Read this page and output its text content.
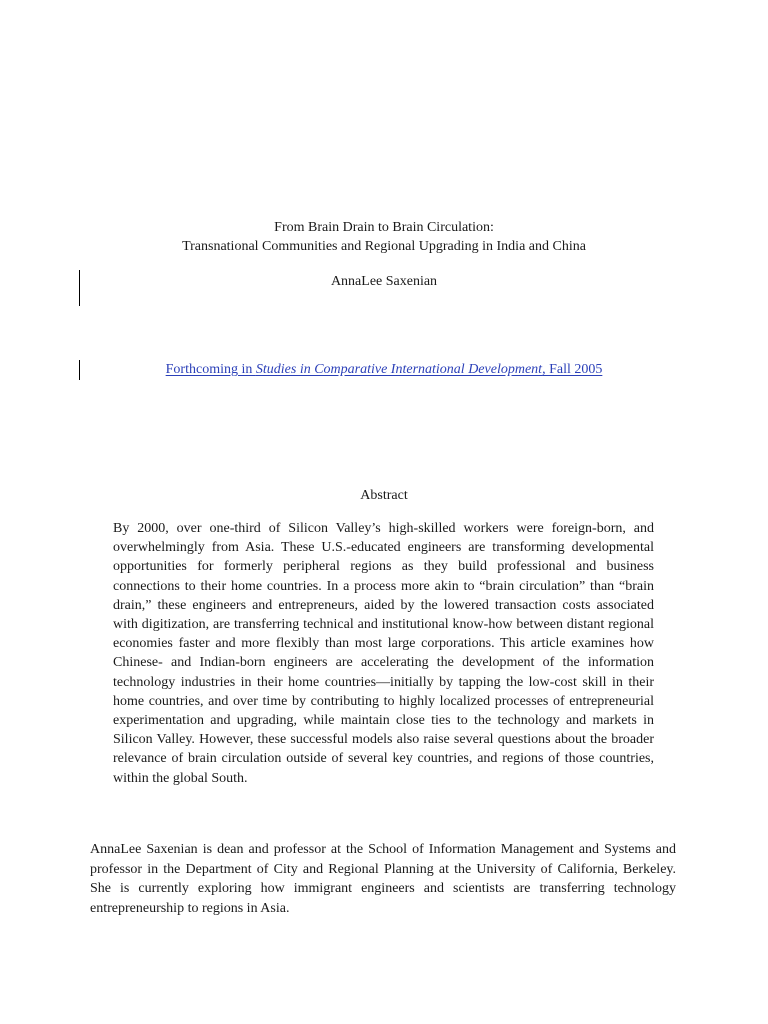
From Brain Drain to Brain Circulation:
Transnational Communities and Regional Upgrading in India and China
AnnaLee Saxenian
Forthcoming in Studies in Comparative International Development, Fall 2005
Abstract

By 2000, over one-third of Silicon Valley’s high-skilled workers were foreign-born, and overwhelmingly from Asia. These U.S.-educated engineers are transforming developmental opportunities for formerly peripheral regions as they build professional and business connections to their home countries. In a process more akin to “brain circulation” than “brain drain,” these engineers and entrepreneurs, aided by the lowered transaction costs associated with digitization, are transferring technical and institutional know-how between distant regional economies faster and more flexibly than most large corporations. This article examines how Chinese- and Indian-born engineers are accelerating the development of the information technology industries in their home countries—initially by tapping the low-cost skill in their home countries, and over time by contributing to highly localized processes of entrepreneurial experimentation and upgrading, while maintain close ties to the technology and markets in Silicon Valley. However, these successful models also raise several questions about the broader relevance of brain circulation outside of several key countries, and regions of those countries, within the global South.

AnnaLee Saxenian is dean and professor at the School of Information Management and Systems and professor in the Department of City and Regional Planning at the University of California, Berkeley. She is currently exploring how immigrant engineers and scientists are transferring technology entrepreneurship to regions in Asia.
